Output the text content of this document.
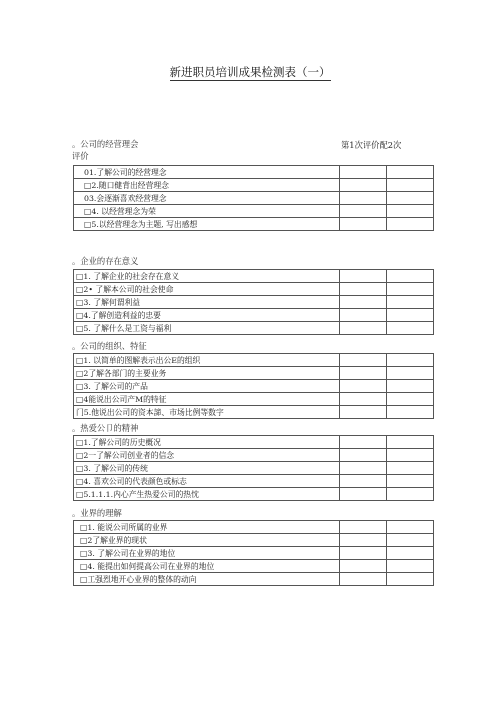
新进职员培训成果检测表（一）
。公司的经营理会	第1次评价配2次
评价
01.了解公司的经营理念		
□2.随口健背出经营理念		
03.会逐渐喜欢经营理念		
□4. 以经营理念为荣		
□5.以经营理念为主题, 写出感想		
。企业的存在意义
□1. 了解企业的社会存在意义		
□2• 了解本公司的社会使命		
□3. 了解何谓利益		
□4.了解创造利益的忠要		
□5. 了解什么是工资与福利		
。公司的组织、特征
□1. 以简单的图解表示出公E的组织		
□2了解各部门的主要业务		
□3. 了解公司的产品		
□4能说出公司产M的特征		
门5.他说出公司的资本諦、市场比例等数字		
。热爱公卩的精神
□1.了解公司的历史概况		
□2一了解公司创业者的信念		
□3. 了解公司的传统		
□4. 喜欢公司的代表颜色或标志		
□5.1.1.1.内心产生热爱公司的热忱		
。业界的理解
□1. 能说公司所属的业界		
□2了解业界的现状		
□3. 了解公司在业界的地位		
□4. 能提出如何提高公司在业界的地位		
□工强烈地开心业界的整体的动向		
